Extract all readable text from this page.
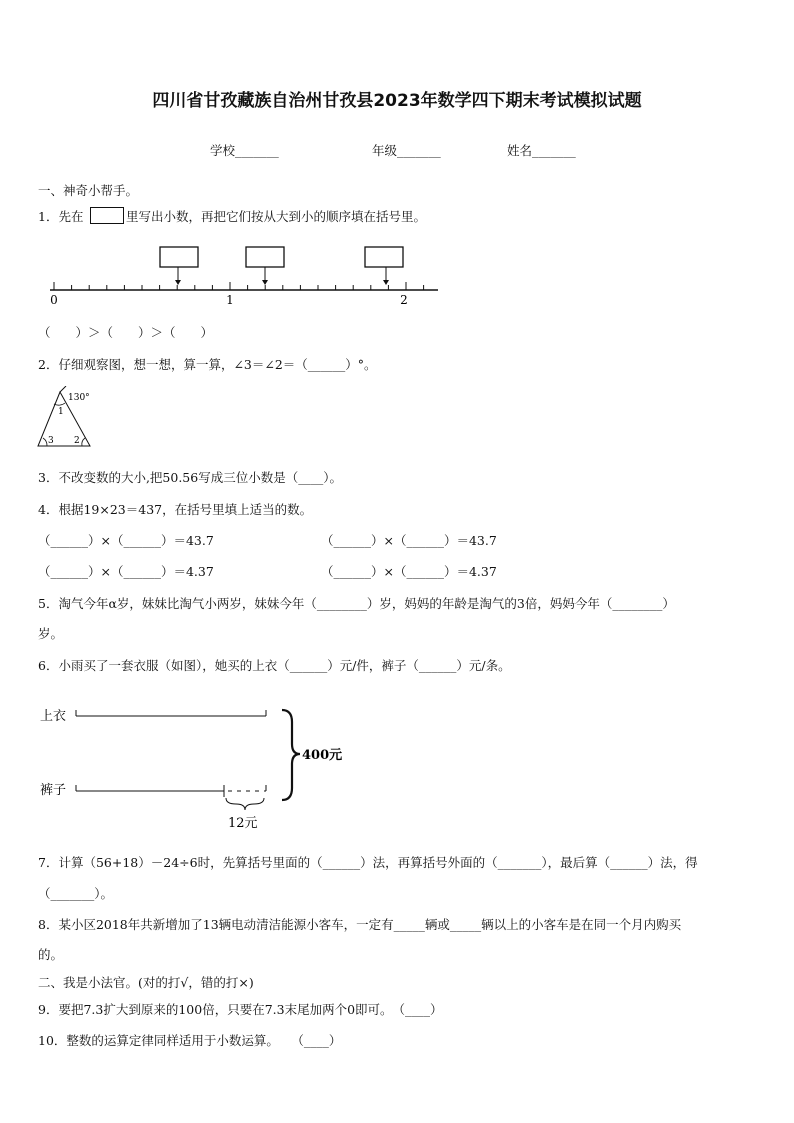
四川省甘孜藏族自治州甘孜县2023年数学四下期末考试模拟试题
学校_______	年级_______	姓名_______
一、神奇小帮手。
1．先在	里写出小数，再把它们按从大到小的顺序填在括号里。
0	1	2
（　　）＞（　　）＞（　　）
2．仔细观察图，想一想，算一算，∠3＝∠2＝（______）°。
130°
1
2
3
3．不改变数的大小,把50.56写成三位小数是（____）。
4．根据19×23＝437，在括号里填上适当的数。
（______）×（______）＝43.7	（______）×（______）＝43.7
（______）×（______）＝4.37	（______）×（______）＝4.37
5．淘气今年α岁，妹妹比淘气小两岁，妹妹今年（________）岁，妈妈的年龄是淘气的3倍，妈妈今年（________）
岁。
6．小雨买了一套衣服（如图），她买的上衣（______）元/件，裤子（______）元/条。
上衣
裤子
400元
12元
7．计算（56+18）－24÷6时，先算括号里面的（______）法，再算括号外面的（_______），最后算（______）法，得
（_______）。
8．某小区2018年共新增加了13辆电动清洁能源小客车，一定有_____辆或_____辆以上的小客车是在同一个月内购买
的。
二、我是小法官。(对的打√，错的打×)
9．要把7.3扩大到原来的100倍，只要在7.3末尾加两个0即可。　（____）
10．整数的运算定律同样适用于小数运算。　　（____）
